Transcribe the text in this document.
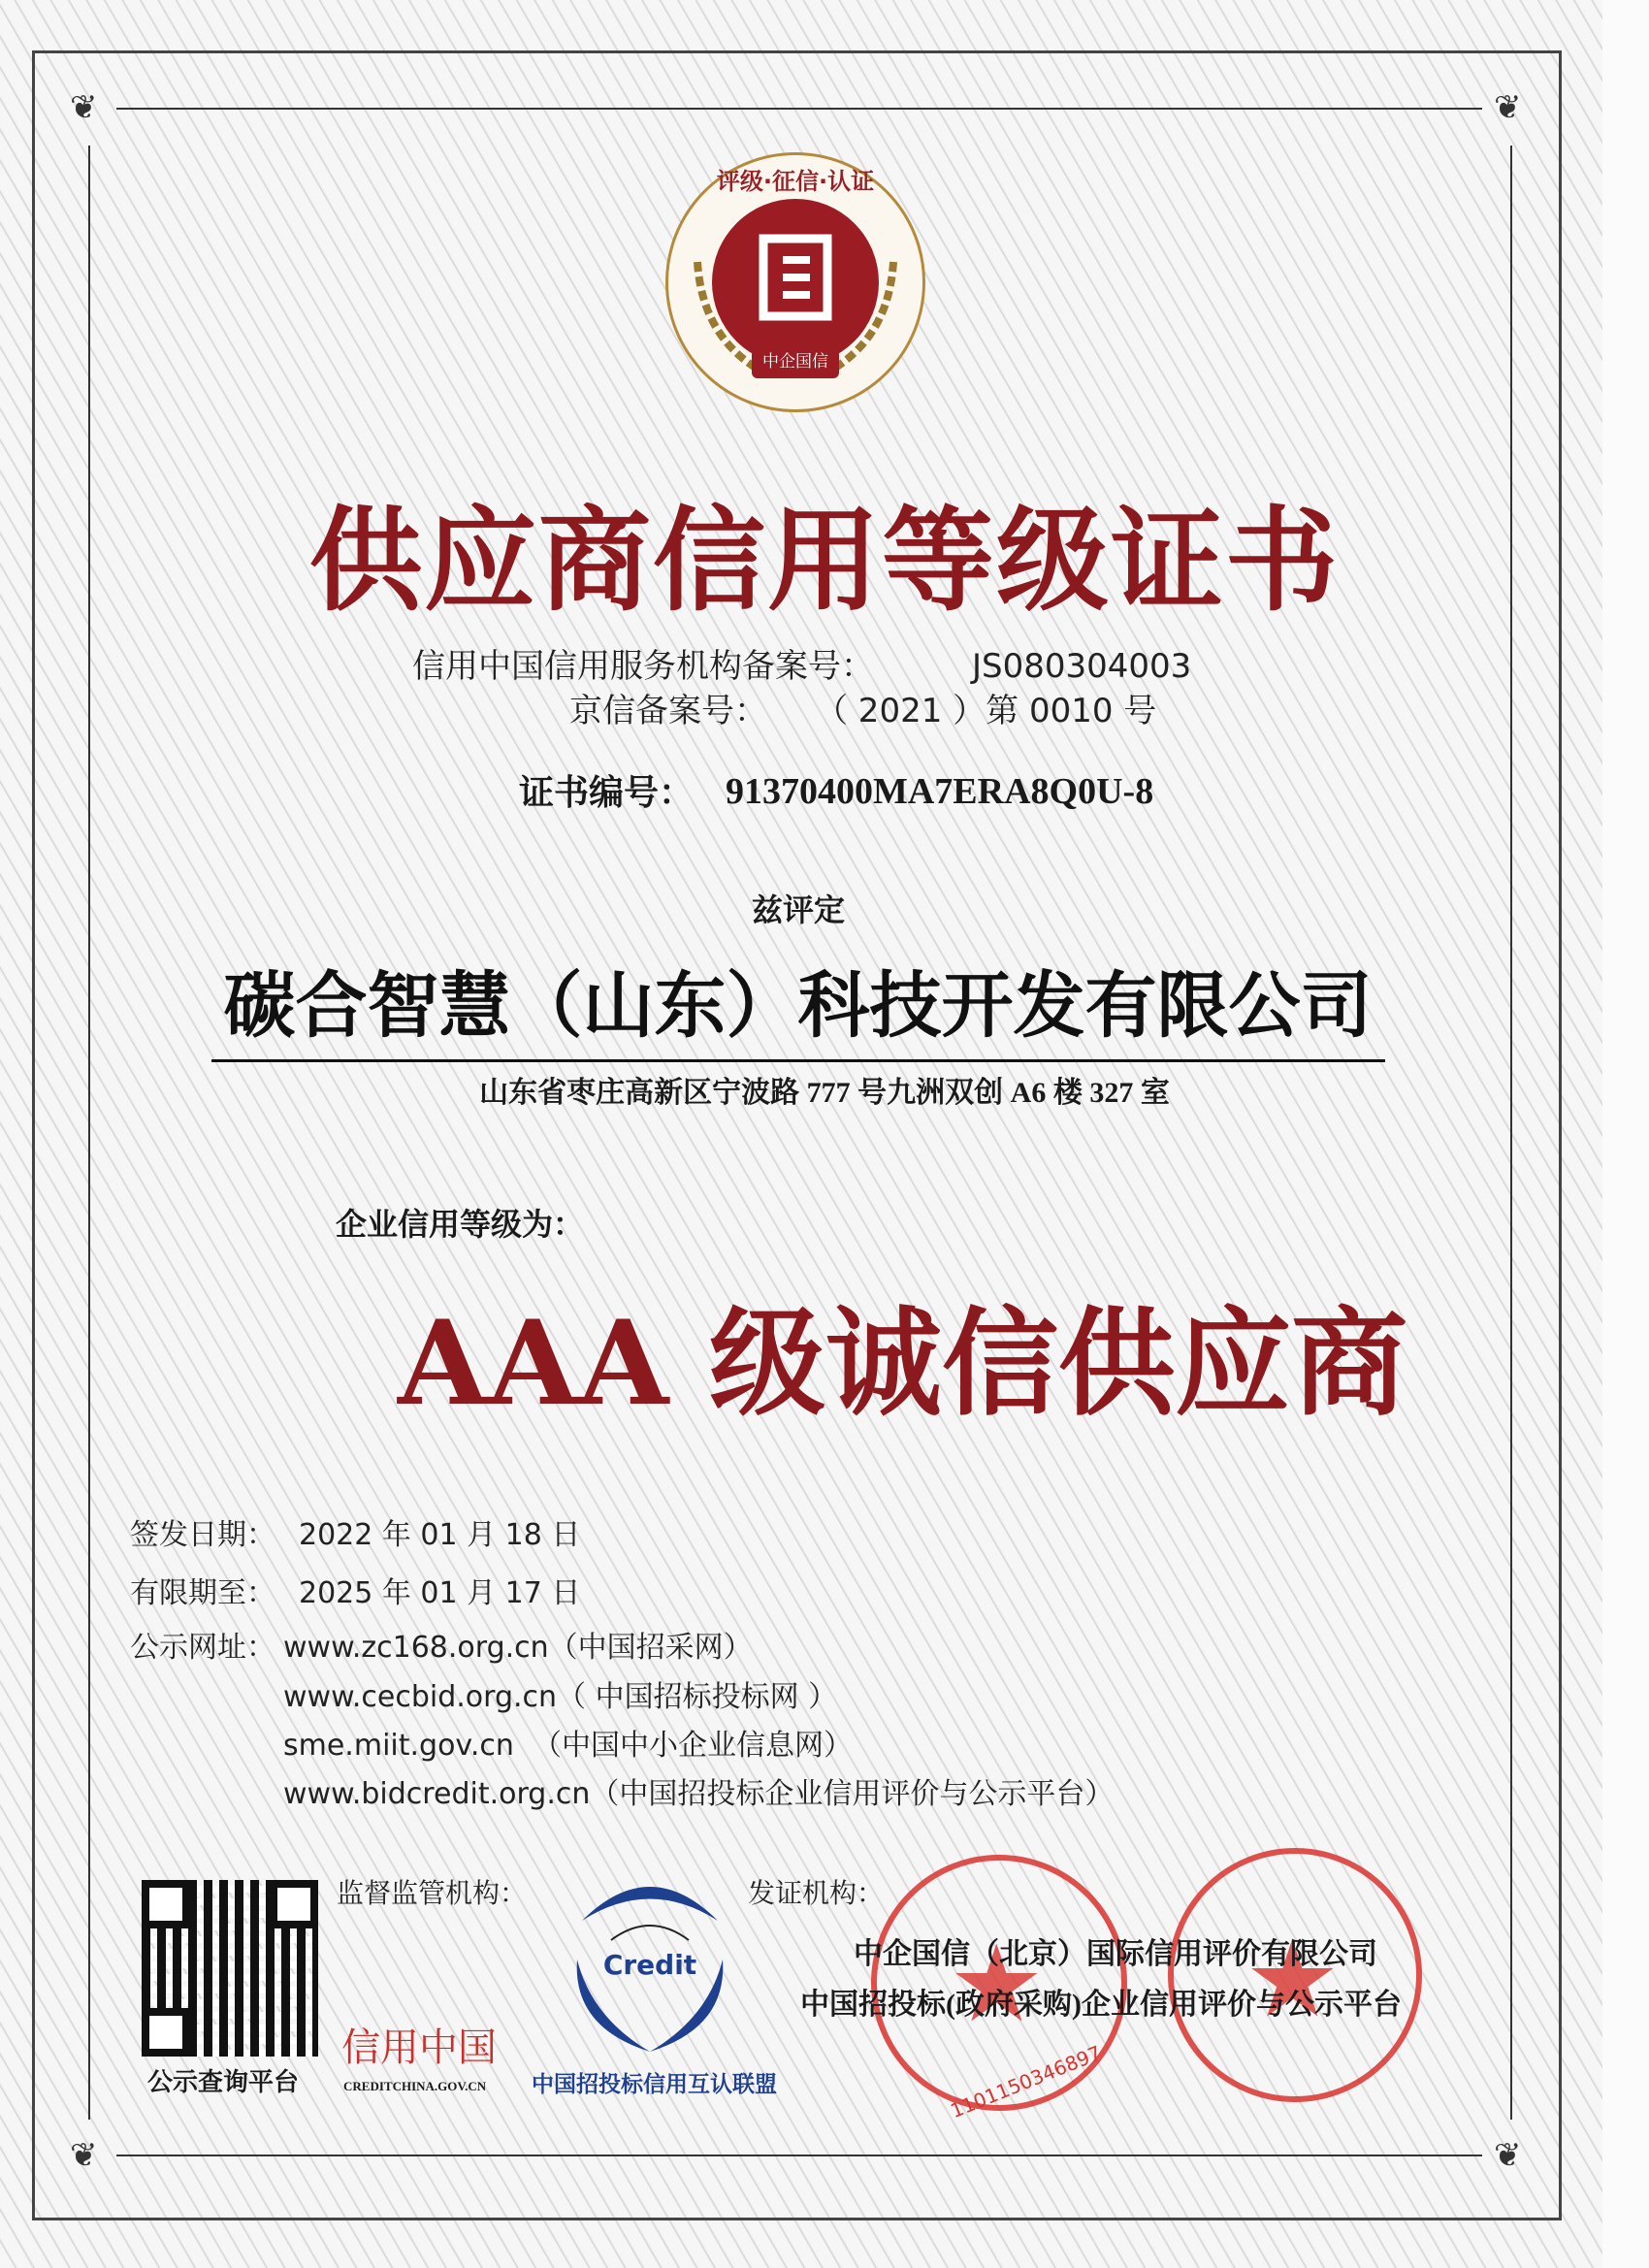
❦	❦
❦	❦
评级·征信·认证
中企国信
供应商信用等级证书
信用中国信用服务机构备案号：	JS080304003
京信备案号： （ 2021 ）第 0010 号
证书编号： 91370400MA7ERA8Q0U-8
兹评定
碳合智慧（山东）科技开发有限公司
山东省枣庄高新区宁波路 777 号九洲双创 A6 楼 327 室
企业信用等级为：
AAA 级诚信供应商
签发日期： 2022 年 01 月 18 日
有限期至： 2025 年 01 月 17 日
公示网址： www.zc168.org.cn（中国招采网）
www.cecbid.org.cn（ 中国招标投标网 ）
sme.miit.gov.cn  （中国中小企业信息网）
www.bidcredit.org.cn（中国招投标企业信用评价与公示平台）
公示查询平台
监督监管机构：
信用中国
CREDITCHINA.GOV.CN
Credit
中国招投标信用互认联盟
发证机构：
★
1101150346897
★
中企国信（北京）国际信用评价有限公司
中国招投标(政府采购)企业信用评价与公示平台
